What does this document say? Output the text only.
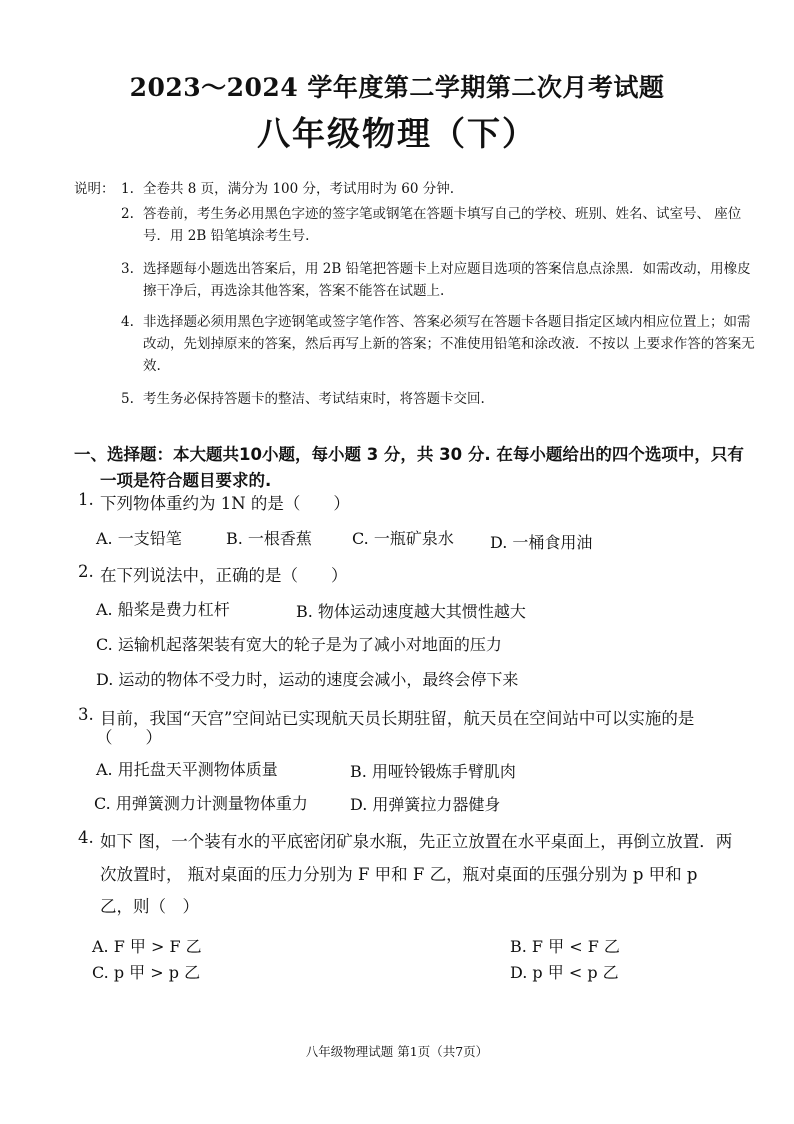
2023～2024 学年度第二学期第二次月考试题
八年级物理（下）
说明： 1. 全卷共 8 页，满分为 100 分，考试用时为 60 分钟.
2. 答卷前，考生务必用黑色字迹的签字笔或钢笔在答题卡填写自己的学校、班别、姓名、试室号、 座位号．用 2B 铅笔填涂考生号.
3. 选择题每小题选出答案后，用 2B 铅笔把答题卡上对应题目选项的答案信息点涂黑．如需改动，用橡皮擦干净后，再选涂其他答案，答案不能答在试题上.
4. 非选择题必须用黑色字迹钢笔或签字笔作答、答案必须写在答题卡各题目指定区域内相应位置上；如需改动，先划掉原来的答案，然后再写上新的答案；不准使用铅笔和涂改液．不按以 上要求作答的答案无效.
5. 考生务必保持答题卡的整洁、考试结束时，将答题卡交回.
一、选择题：本大题共10小题，每小题 3 分，共 30 分. 在每小题给出的四个选项中，只有
一项是符合题目要求的.
1. 下列物体重约为 1N 的是（　　）
A. 一支铅笔	B. 一根香蕉	C. 一瓶矿泉水 D. 一桶食用油
2. 在下列说法中，正确的是（　　）
A. 船桨是费力杠杆	B. 物体运动速度越大其惯性越大
C. 运输机起落架装有宽大的轮子是为了减小对地面的压力
D. 运动的物体不受力时，运动的速度会减小，最终会停下来
3. 目前，我国“天宫”空间站已实现航天员长期驻留，航天员在空间站中可以实施的是
（　　）
A. 用托盘天平测物体质量	B. 用哑铃锻炼手臂肌肉
C. 用弹簧测力计测量物体重力	D. 用弹簧拉力器健身
4. 如下 图，一个装有水的平底密闭矿泉水瓶，先正立放置在水平桌面上，再倒立放置．两
次放置时， 瓶对桌面的压力分别为 F 甲和 F 乙，瓶对桌面的压强分别为 p 甲和 p
乙，则（　）
A. F 甲 > F 乙	B. F 甲 < F 乙
C. p 甲 > p 乙	D. p 甲 < p 乙
八年级物理试题 第1页（共7页）
